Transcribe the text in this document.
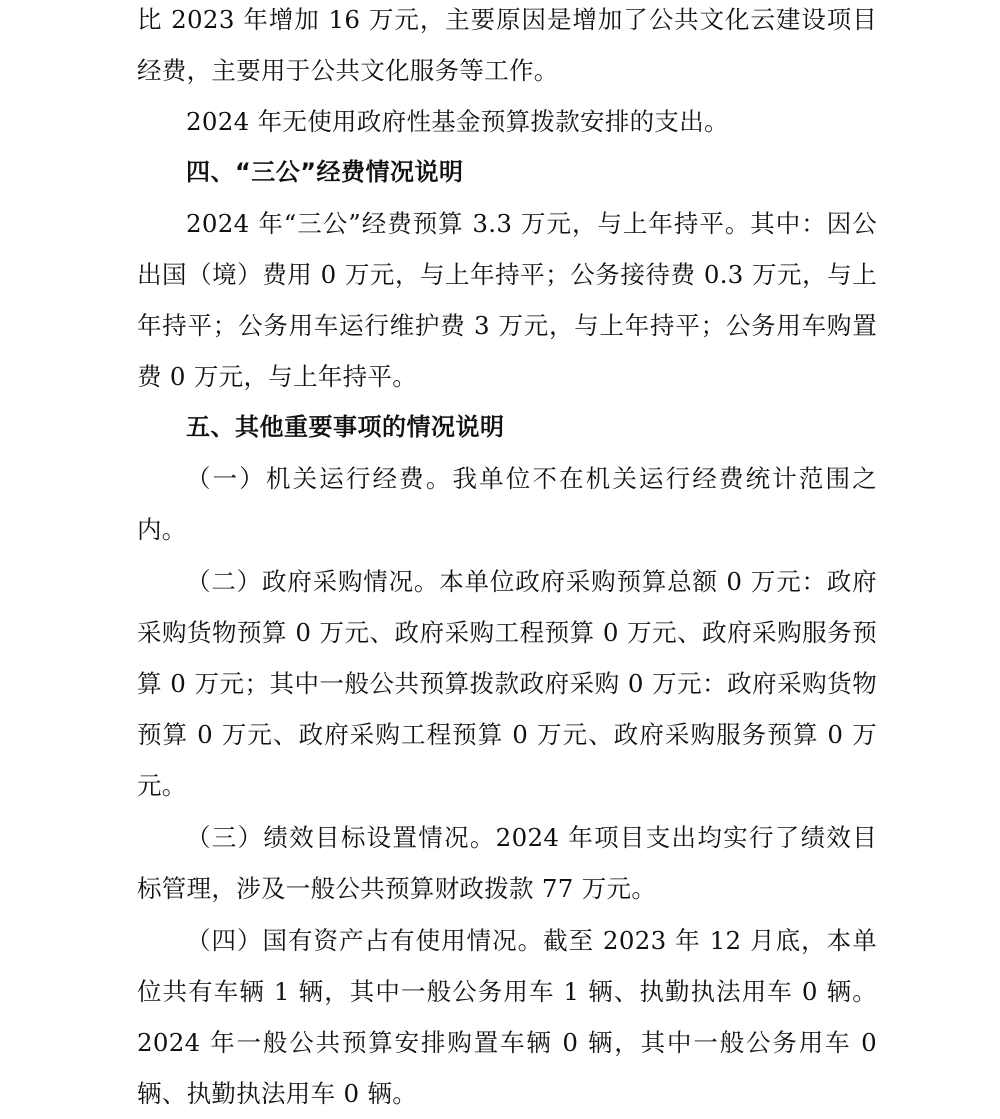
比 2023 年增加 16 万元，主要原因是增加了公共文化云建设项目经费，主要用于公共文化服务等工作。

2024 年无使用政府性基金预算拨款安排的支出。

四、“三公”经费情况说明

2024 年“三公”经费预算 3.3 万元，与上年持平。其中：因公出国（境）费用 0 万元，与上年持平；公务接待费 0.3 万元，与上年持平；公务用车运行维护费 3 万元，与上年持平；公务用车购置费 0 万元，与上年持平。

五、其他重要事项的情况说明

（一）机关运行经费。我单位不在机关运行经费统计范围之内。

（二）政府采购情况。本单位政府采购预算总额 0 万元：政府采购货物预算 0 万元、政府采购工程预算 0 万元、政府采购服务预算 0 万元；其中一般公共预算拨款政府采购 0 万元：政府采购货物预算 0 万元、政府采购工程预算 0 万元、政府采购服务预算 0 万元。

（三）绩效目标设置情况。2024 年项目支出均实行了绩效目标管理，涉及一般公共预算财政拨款 77 万元。

（四）国有资产占有使用情况。截至 2023 年 12 月底，本单位共有车辆 1 辆，其中一般公务用车 1 辆、执勤执法用车 0 辆。2024 年一般公共预算安排购置车辆 0 辆，其中一般公务用车 0 辆、执勤执法用车 0 辆。
